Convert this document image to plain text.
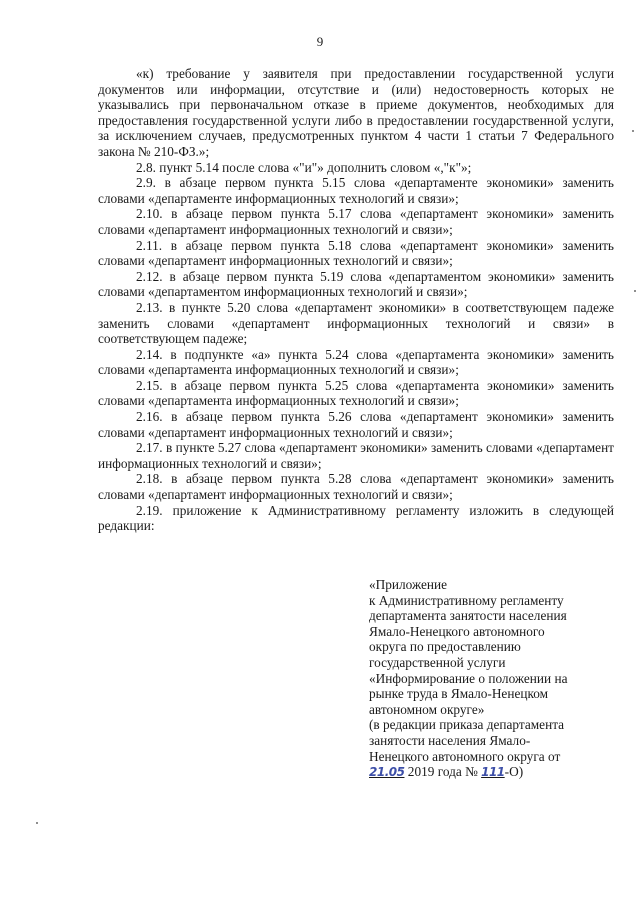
9

«к) требование у заявителя при предоставлении государственной услуги документов или информации, отсутствие и (или) недостоверность которых не указывались при первоначальном отказе в приеме документов, необходимых для предоставления государственной услуги либо в предоставлении государственной услуги, за исключением случаев, предусмотренных пунктом 4 части 1 статьи 7 Федерального закона № 210-ФЗ.»;

2.8. пункт 5.14 после слова «"и"» дополнить словом «,"к"»;

2.9. в абзаце первом пункта 5.15 слова «департаменте экономики» заменить словами «департаменте информационных технологий и связи»;

2.10. в абзаце первом пункта 5.17 слова «департамент экономики» заменить словами «департамент информационных технологий и связи»;

2.11. в абзаце первом пункта 5.18 слова «департамент экономики» заменить словами «департамент информационных технологий и связи»;

2.12. в абзаце первом пункта 5.19 слова «департаментом экономики» заменить словами «департаментом информационных технологий и связи»;

2.13. в пункте 5.20 слова «департамент экономики» в соответствующем падеже заменить словами «департамент информационных технологий и связи» в соответствующем падеже;

2.14. в подпункте «а» пункта 5.24 слова «департамента экономики» заменить словами «департамента информационных технологий и связи»;

2.15. в абзаце первом пункта 5.25 слова «департамента экономики» заменить словами «департамента информационных технологий и связи»;

2.16. в абзаце первом пункта 5.26 слова «департамент экономики» заменить словами «департамент информационных технологий и связи»;

2.17. в пункте 5.27 слова «департамент экономики» заменить словами «департамент информационных технологий и связи»;

2.18. в абзаце первом пункта 5.28 слова «департамент экономики» заменить словами «департамент информационных технологий и связи»;

2.19. приложение к Административному регламенту изложить в следующей редакции:

«Приложение
к Административному регламенту
департамента занятости населения
Ямало-Ненецкого автономного
округа по предоставлению
государственной услуги
«Информирование о положении на
рынке труда в Ямало-Ненецком
автономном округе»
(в редакции приказа департамента
занятости населения Ямало-
Ненецкого автономного округа от
21.05 2019 года № 111-О)
